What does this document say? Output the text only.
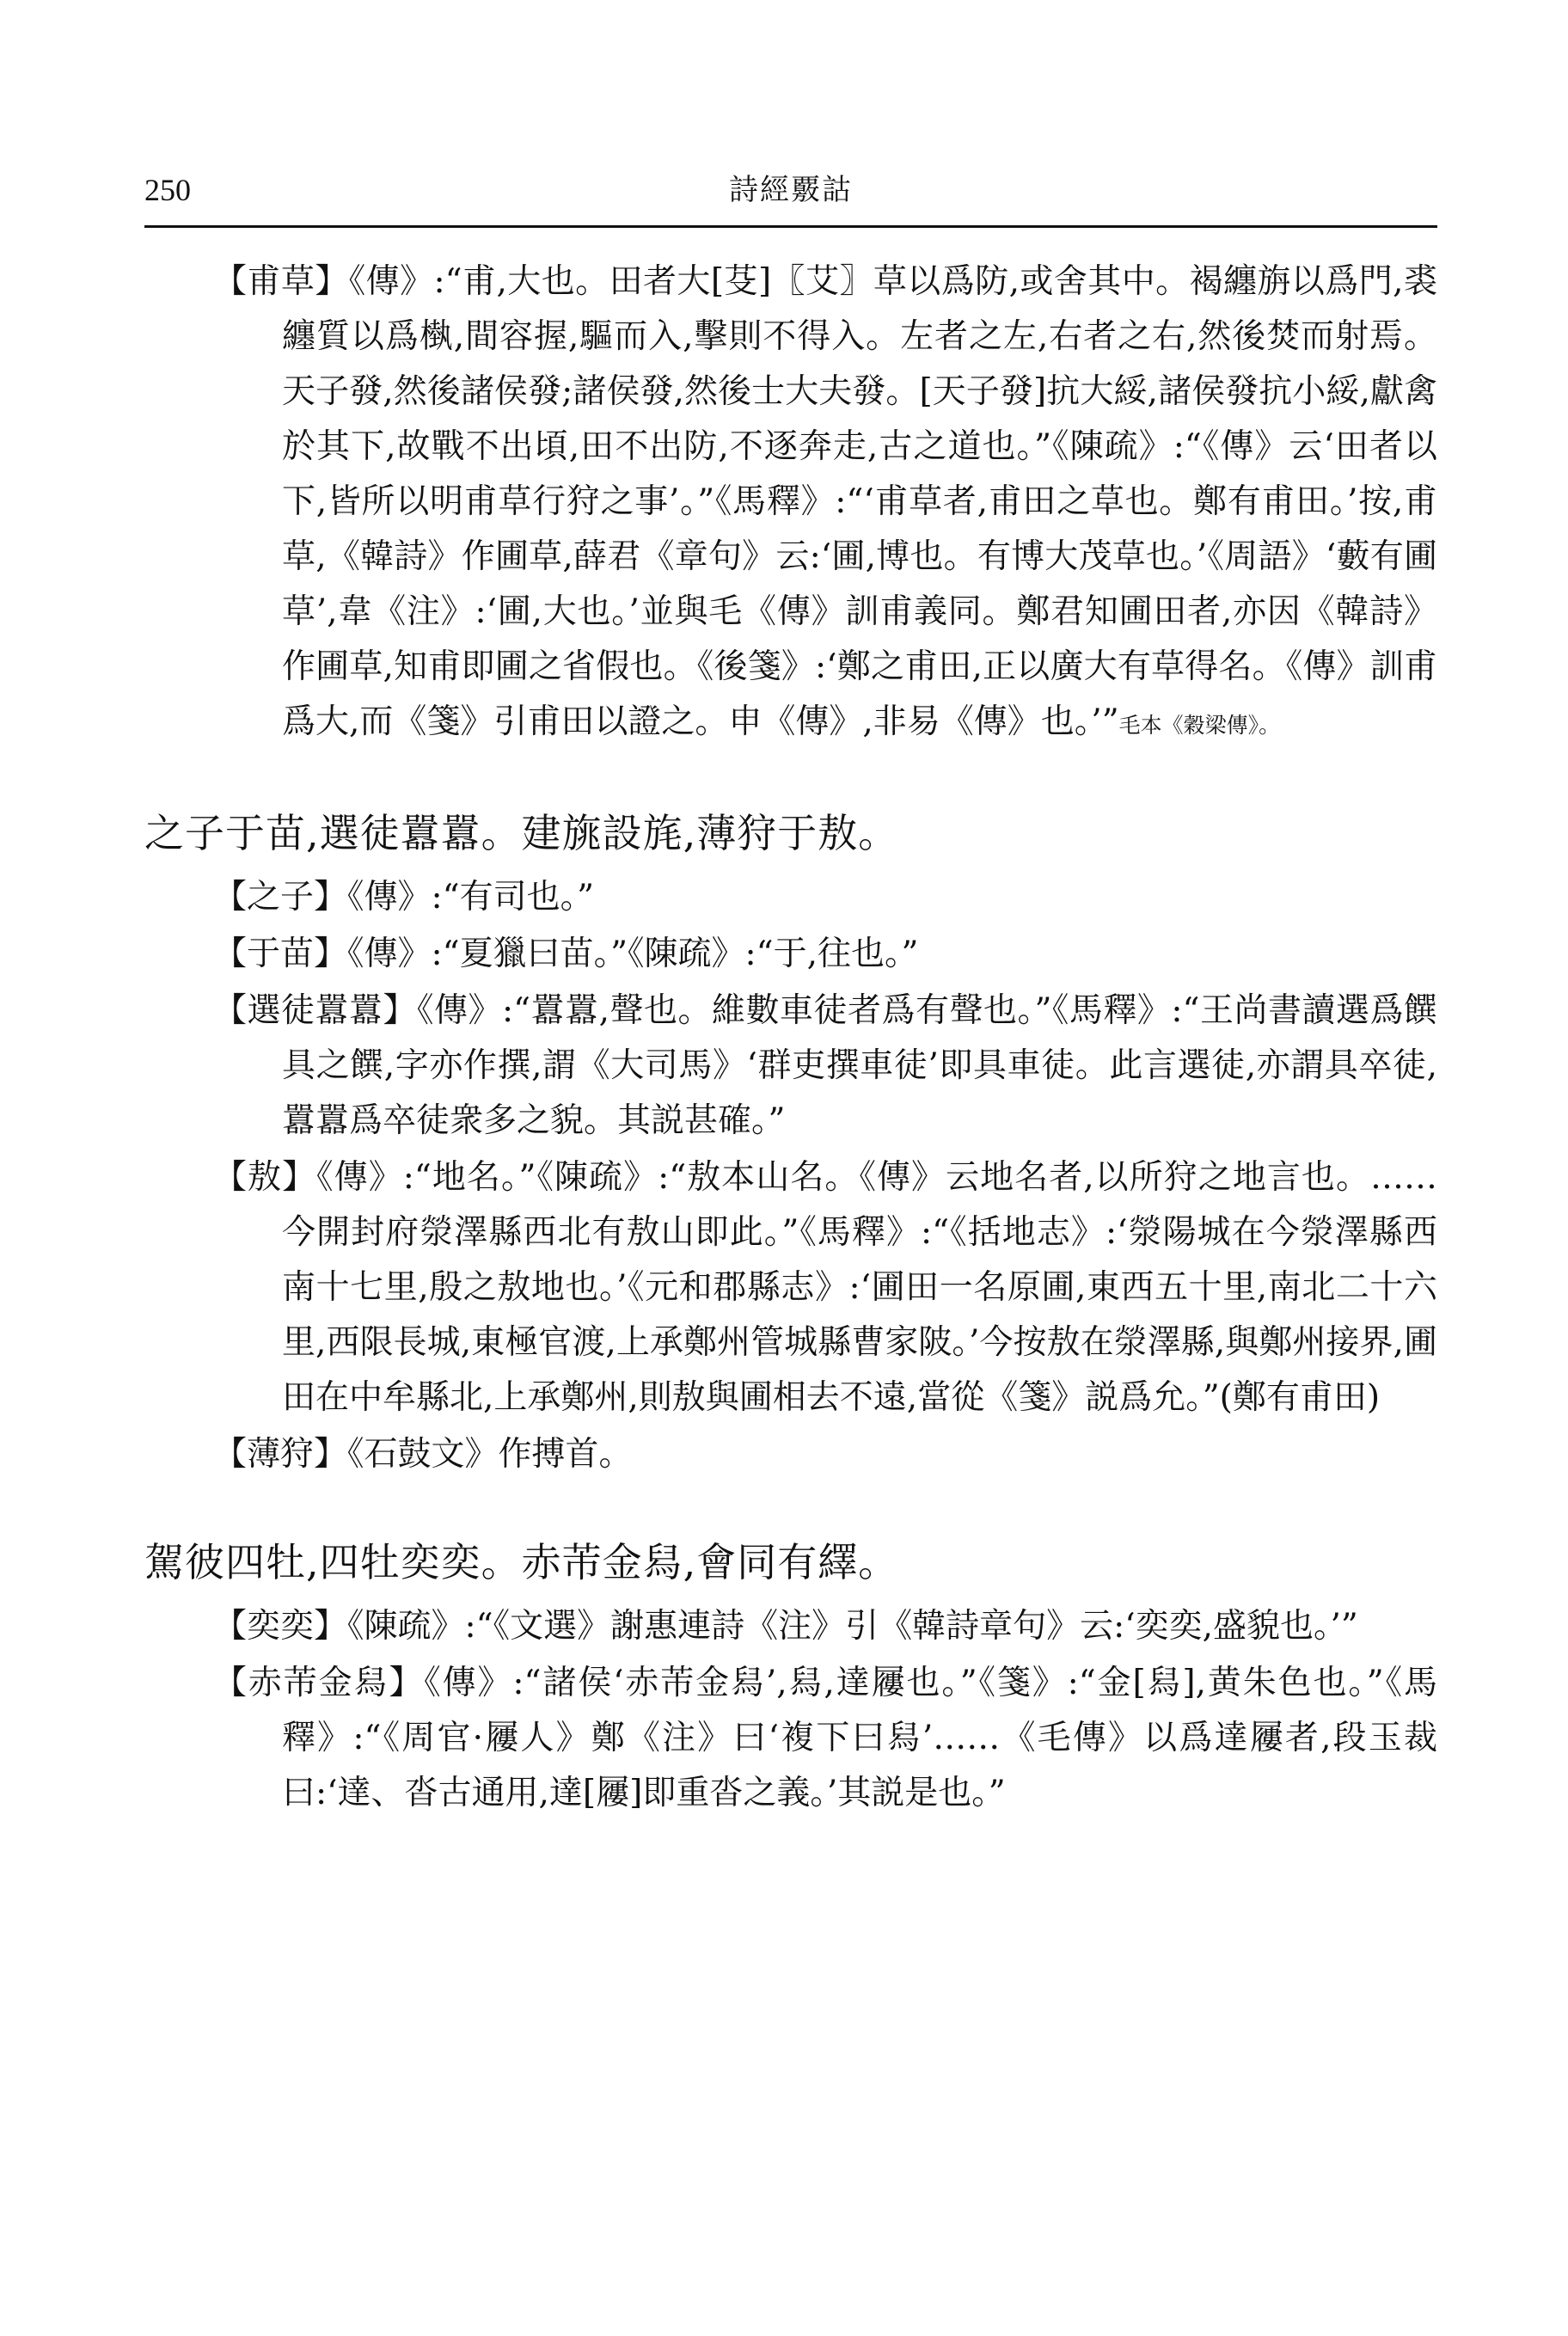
250	詩經覈詁
【甫草】《傳》:“甫,大也。田者大[芟]〖艾〗草以爲防,或舍其中。褐纏旃以爲門,裘纏質以爲槸,間容握,驅而入,擊則不得入。左者之左,右者之右,然後焚而射焉。天子發,然後諸侯發;諸侯發,然後士大夫發。[天子發]抗大綏,諸侯發抗小綏,獻禽於其下,故戰不出頃,田不出防,不逐奔走,古之道也。”《陳疏》:“《傳》云‘田者以下,皆所以明甫草行狩之事’。”《馬釋》:“‘甫草者,甫田之草也。鄭有甫田。’按,甫草,《韓詩》作圃草,薛君《章句》云:‘圃,博也。有博大茂草也。’《周語》‘藪有圃草’,韋《注》:‘圃,大也。’並與毛《傳》訓甫義同。鄭君知圃田者,亦因《韓詩》作圃草,知甫即圃之省假也。《後箋》:‘鄭之甫田,正以廣大有草得名。《傳》訓甫爲大,而《箋》引甫田以證之。申《傳》,非易《傳》也。’”毛本《穀梁傳》。
之子于苗,選徒囂囂。建旐設旄,薄狩于敖。
【之子】《傳》:“有司也。”
【于苗】《傳》:“夏獵曰苗。”《陳疏》:“于,往也。”
【選徒囂囂】《傳》:“囂囂,聲也。維數車徒者爲有聲也。”《馬釋》:“王尚書讀選爲饌具之饌,字亦作撰,謂《大司馬》‘群吏撰車徒’即具車徒。此言選徒,亦謂具卒徒,囂囂爲卒徒衆多之貌。其説甚確。”
【敖】《傳》:“地名。”《陳疏》:“敖本山名。《傳》云地名者,以所狩之地言也。……今開封府滎澤縣西北有敖山即此。”《馬釋》:“《括地志》:‘滎陽城在今滎澤縣西南十七里,殷之敖地也。’《元和郡縣志》:‘圃田一名原圃,東西五十里,南北二十六里,西限長城,東極官渡,上承鄭州管城縣曹家陂。’今按敖在滎澤縣,與鄭州接界,圃田在中牟縣北,上承鄭州,則敖與圃相去不遠,當從《箋》説爲允。”(鄭有甫田)
【薄狩】《石鼓文》作搏首。
駕彼四牡,四牡奕奕。赤芾金舄,會同有繹。
【奕奕】《陳疏》:“《文選》謝惠連詩《注》引《韓詩章句》云:‘奕奕,盛貌也。’”
【赤芾金舄】《傳》:“諸侯‘赤芾金舄’,舄,達屨也。”《箋》:“金[舄],黄朱色也。”《馬釋》:“《周官·屨人》鄭《注》曰‘複下曰舄’……《毛傳》以爲達屨者,段玉裁曰:‘達、沓古通用,達[屨]即重沓之義。’其説是也。”
